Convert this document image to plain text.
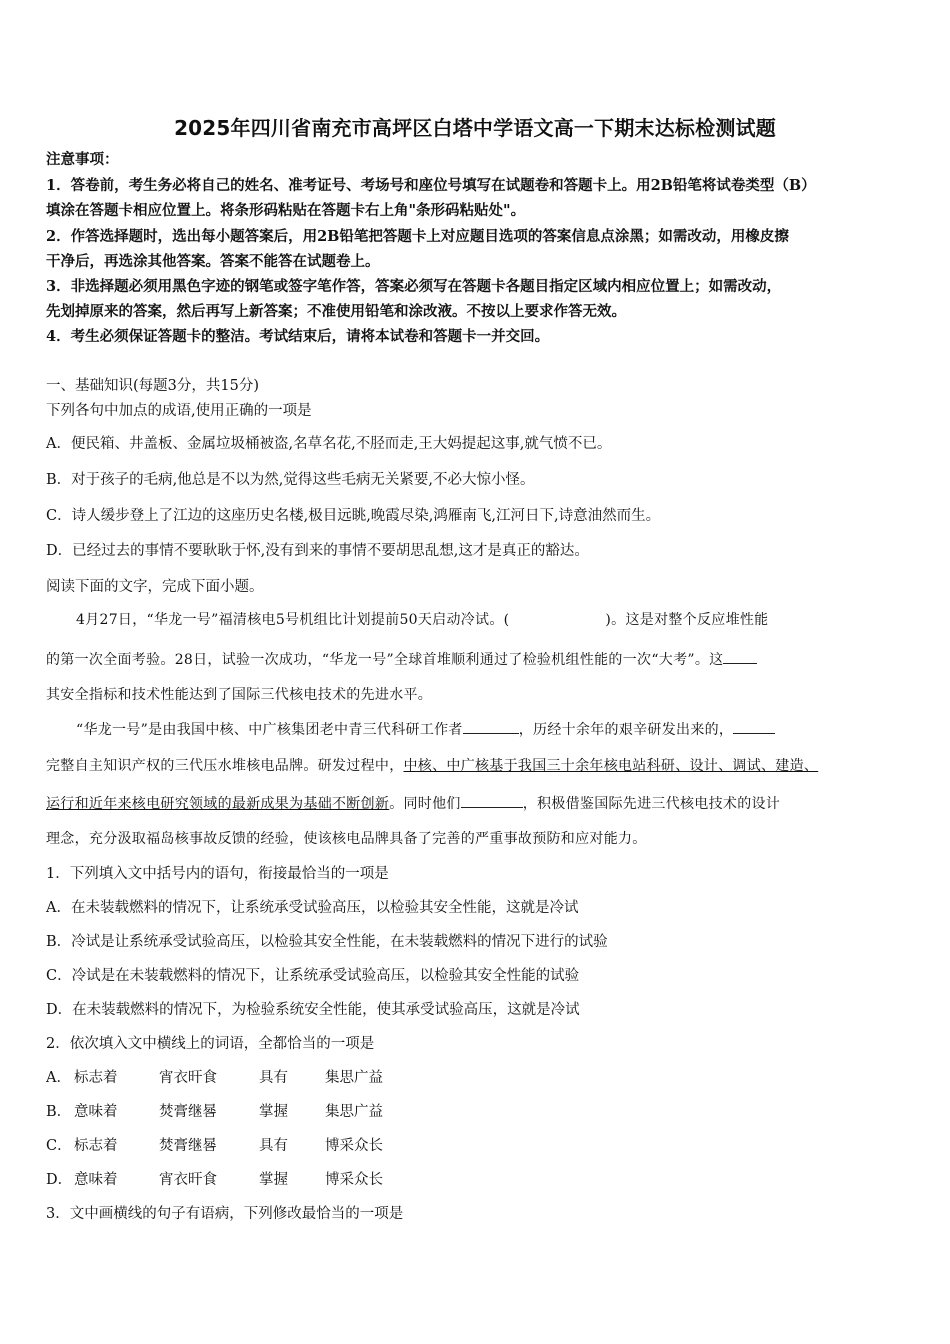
2025年四川省南充市高坪区白塔中学语文高一下期末达标检测试题
注意事项：
1．答卷前，考生务必将自己的姓名、准考证号、考场号和座位号填写在试题卷和答题卡上。用2B铅笔将试卷类型（B）
填涂在答题卡相应位置上。将条形码粘贴在答题卡右上角"条形码粘贴处"。
2．作答选择题时，选出每小题答案后，用2B铅笔把答题卡上对应题目选项的答案信息点涂黑；如需改动，用橡皮擦
干净后，再选涂其他答案。答案不能答在试题卷上。
3．非选择题必须用黑色字迹的钢笔或签字笔作答，答案必须写在答题卡各题目指定区域内相应位置上；如需改动，
先划掉原来的答案，然后再写上新答案；不准使用铅笔和涂改液。不按以上要求作答无效。
4．考生必须保证答题卡的整洁。考试结束后，请将本试卷和答题卡一并交回。
一、基础知识(每题3分，共15分)
下列各句中加点的成语,使用正确的一项是
A．便民箱、井盖板、金属垃圾桶被盗,名草名花,不胫而走,王大妈提起这事,就气愤不已。
B．对于孩子的毛病,他总是不以为然,觉得这些毛病无关紧要,不必大惊小怪。
C．诗人缓步登上了江边的这座历史名楼,极目远眺,晚霞尽染,鸿雁南飞,江河日下,诗意油然而生。
D．已经过去的事情不要耿耿于怀,没有到来的事情不要胡思乱想,这才是真正的豁达。
阅读下面的文字，完成下面小题。
4月27日，“华龙一号”福清核电5号机组比计划提前50天启动冷试。(	)。这是对整个反应堆性能
的第一次全面考验。28日，试验一次成功，“华龙一号”全球首堆顺利通过了检验机组性能的一次“大考”。这
其安全指标和技术性能达到了国际三代核电技术的先进水平。
“华龙一号”是由我国中核、中广核集团老中青三代科研工作者	，历经十余年的艰辛研发出来的，
完整自主知识产权的三代压水堆核电品牌。研发过程中，中核、中广核基于我国三十余年核电站科研、设计、调试、建造、
运行和近年来核电研究领域的最新成果为基础不断创新。同时他们	，积极借鉴国际先进三代核电技术的设计
理念，充分汲取福岛核事故反馈的经验，使该核电品牌具备了完善的严重事故预防和应对能力。
1．下列填入文中括号内的语句，衔接最恰当的一项是
A．在未装载燃料的情况下，让系统承受试验高压，以检验其安全性能，这就是冷试
B．冷试是让系统承受试验高压，以检验其安全性能，在未装载燃料的情况下进行的试验
C．冷试是在未装载燃料的情况下，让系统承受试验高压，以检验其安全性能的试验
D．在未装载燃料的情况下，为检验系统安全性能，使其承受试验高压，这就是冷试
2．依次填入文中横线上的词语，全都恰当的一项是
A． 标志着	宵衣旰食	具有	集思广益
B． 意味着	焚膏继晷	掌握	集思广益
C． 标志着	焚膏继晷	具有	博采众长
D． 意味着	宵衣旰食	掌握	博采众长
3．文中画横线的句子有语病，下列修改最恰当的一项是
